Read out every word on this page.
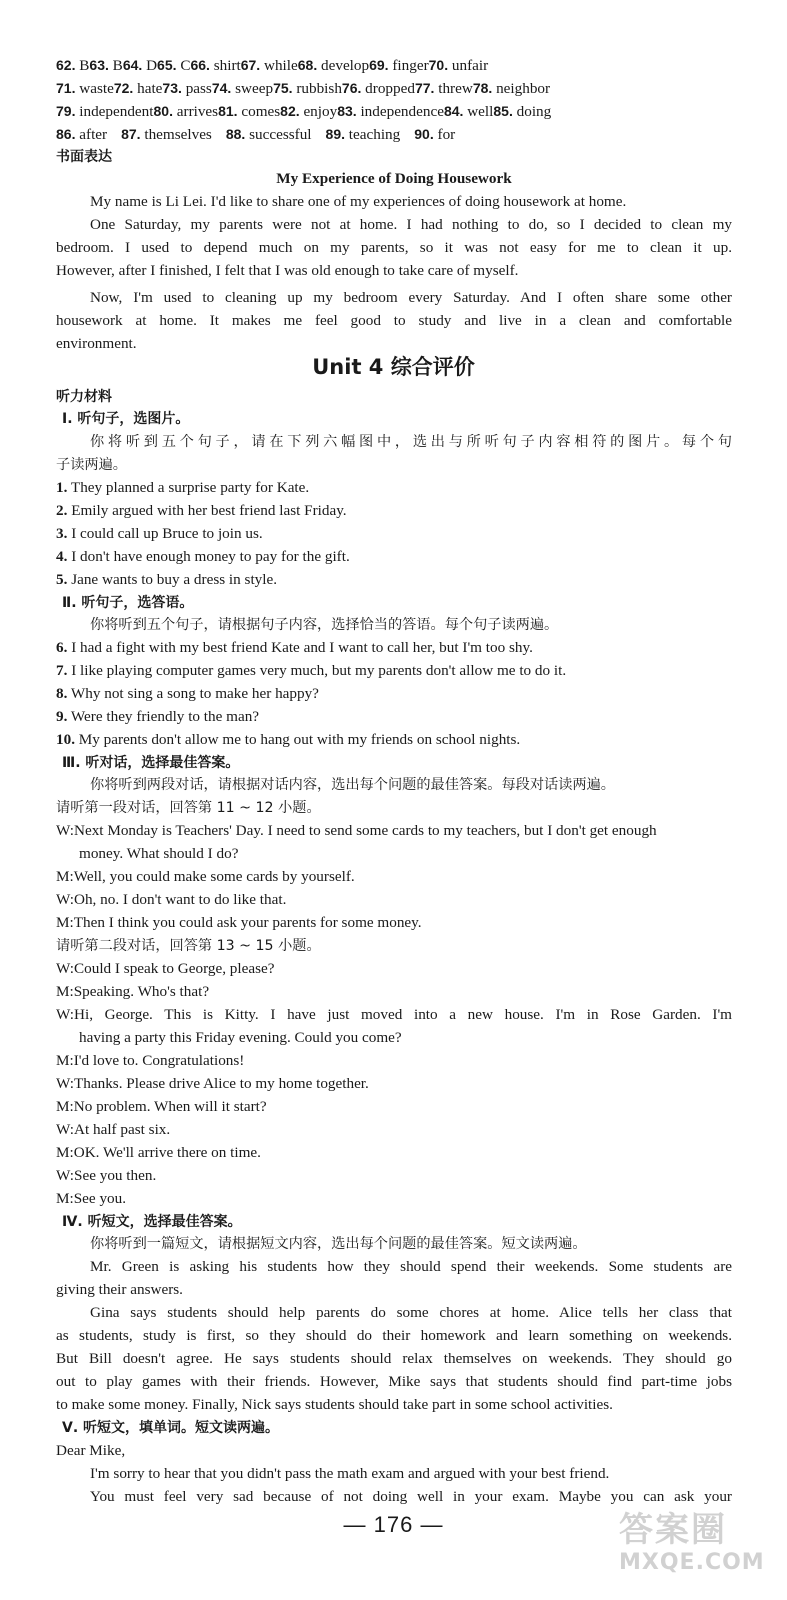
62. B 63. B 64. D 65. C 66. shirt 67. while 68. develop 69. finger 70. unfair
71. waste 72. hate 73. pass 74. sweep 75. rubbish 76. dropped 77. threw 78. neighbor
79. independent 80. arrives 81. comes 82. enjoy 83. independence 84. well 85. doing
86. after 87. themselves 88. successful 89. teaching 90. for
书面表达
My Experience of Doing Housework
My name is Li Lei. I'd like to share one of my experiences of doing housework at home.
One Saturday, my parents were not at home. I had nothing to do, so I decided to clean my
bedroom. I used to depend much on my parents, so it was not easy for me to clean it up.
However, after I finished, I felt that I was old enough to take care of myself.
Now, I'm used to cleaning up my bedroom every Saturday. And I often share some other
housework at home. It makes me feel good to study and live in a clean and comfortable
environment.
Unit 4 综合评价
听力材料
Ⅰ. 听句子，选图片。
你将听到五个句子，请在下列六幅图中，选出与所听句子内容相符的图片。每个句
子读两遍。
1. They planned a surprise party for Kate.
2. Emily argued with her best friend last Friday.
3. I could call up Bruce to join us.
4. I don't have enough money to pay for the gift.
5. Jane wants to buy a dress in style.
Ⅱ. 听句子，选答语。
你将听到五个句子，请根据句子内容，选择恰当的答语。每个句子读两遍。
6. I had a fight with my best friend Kate and I want to call her, but I'm too shy.
7. I like playing computer games very much, but my parents don't allow me to do it.
8. Why not sing a song to make her happy?
9. Were they friendly to the man?
10. My parents don't allow me to hang out with my friends on school nights.
Ⅲ. 听对话，选择最佳答案。
你将听到两段对话，请根据对话内容，选出每个问题的最佳答案。每段对话读两遍。
请听第一段对话，回答第 11 ~ 12 小题。
W:Next Monday is Teachers' Day. I need to send some cards to my teachers, but I don't get enough
money. What should I do?
M:Well, you could make some cards by yourself.
W:Oh, no. I don't want to do like that.
M:Then I think you could ask your parents for some money.
请听第二段对话，回答第 13 ~ 15 小题。
W:Could I speak to George, please?
M:Speaking. Who's that?
W:Hi, George. This is Kitty. I have just moved into a new house. I'm in Rose Garden. I'm
having a party this Friday evening. Could you come?
M:I'd love to. Congratulations!
W:Thanks. Please drive Alice to my home together.
M:No problem. When will it start?
W:At half past six.
M:OK. We'll arrive there on time.
W:See you then.
M:See you.
Ⅳ. 听短文，选择最佳答案。
你将听到一篇短文，请根据短文内容，选出每个问题的最佳答案。短文读两遍。
Mr. Green is asking his students how they should spend their weekends. Some students are
giving their answers.
Gina says students should help parents do some chores at home. Alice tells her class that
as students, study is first, so they should do their homework and learn something on weekends.
But Bill doesn't agree. He says students should relax themselves on weekends. They should go
out to play games with their friends. However, Mike says that students should find part-time jobs
to make some money. Finally, Nick says students should take part in some school activities.
Ⅴ. 听短文，填单词。短文读两遍。
Dear Mike,
I'm sorry to hear that you didn't pass the math exam and argued with your best friend.
You must feel very sad because of not doing well in your exam. Maybe you can ask your
— 176 —	答案圈
MXQE.COM
